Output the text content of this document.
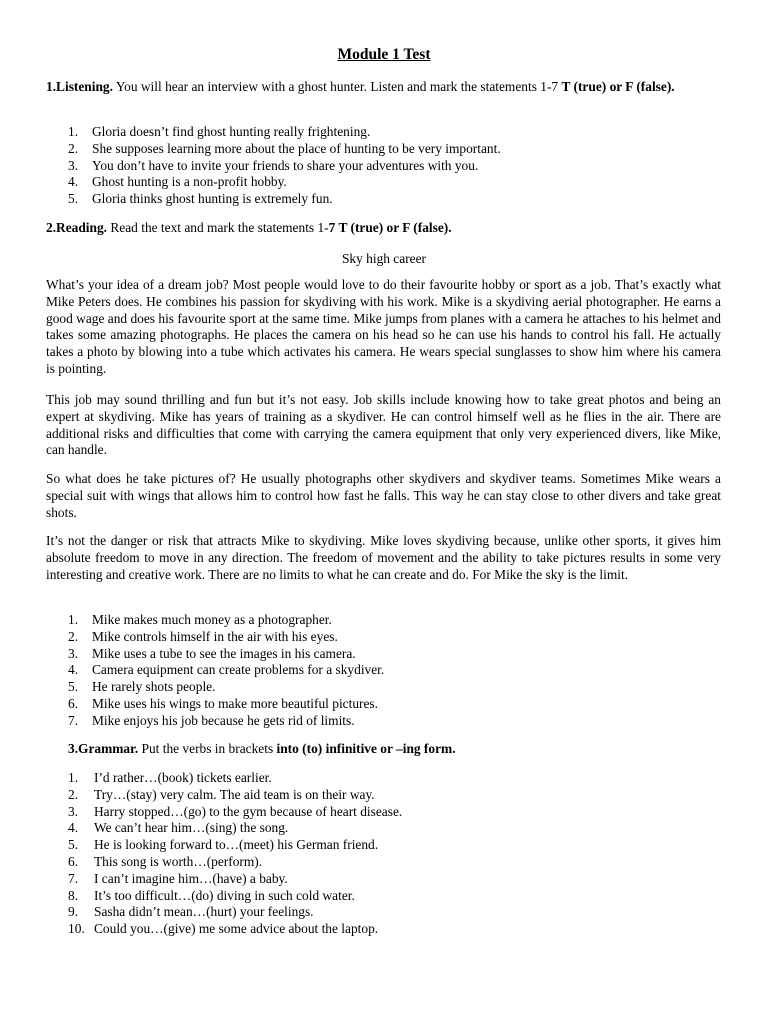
Module 1 Test
1.Listening. You will hear an interview with a ghost hunter. Listen and mark the statements 1-7 T (true) or F (false).
1.	Gloria doesn’t find ghost hunting really frightening.
2.	She supposes learning more about the place of hunting to be very important.
3.	You don’t have to invite your friends to share your adventures with you.
4.	Ghost hunting is a non-profit hobby.
5.	Gloria thinks ghost hunting is extremely fun.
2.Reading. Read the text and mark the statements 1-7 T (true) or F (false).
Sky high career
What’s your idea of a dream job? Most people would love to do their favourite hobby or sport as a job. That’s exactly what Mike Peters does. He combines his passion for skydiving with his work. Mike is a skydiving aerial photographer. He earns a good wage and does his favourite sport at the same time. Mike jumps from planes with a camera he attaches to his helmet and takes some amazing photographs. He places the camera on his head so he can use his hands to control his fall. He actually takes a photo by blowing into a tube which activates his camera. He wears special sunglasses to show him where his camera is pointing.
This job may sound thrilling and fun but it’s not easy. Job skills include knowing how to take great photos and being an expert at skydiving. Mike has years of training as a skydiver. He can control himself well as he flies in the air. There are additional risks and difficulties that come with carrying the camera equipment that only very experienced divers, like Mike, can handle.
So what does he take pictures of? He usually photographs other skydivers and skydiver teams. Sometimes Mike wears a special suit with wings that allows him to control how fast he falls. This way he can stay close to other divers and take great shots.
It’s not the danger or risk that attracts Mike to skydiving. Mike loves skydiving because, unlike other sports, it gives him absolute freedom to move in any direction. The freedom of movement and the ability to take pictures results in some very interesting and creative work. There are no limits to what he can create and do. For Mike the sky is the limit.
1.	Mike makes much money as a photographer.
2.	Mike controls himself in the air with his eyes.
3.	Mike uses a tube to see the images in his camera.
4.	Camera equipment can create problems for a skydiver.
5.	He rarely shots people.
6.	Mike uses his wings to make more beautiful pictures.
7.	Mike enjoys his job because he gets rid of limits.
3.Grammar. Put the verbs in brackets into (to) infinitive or –ing form.
1.	I’d rather…(book) tickets earlier.
2.	Try…(stay) very calm. The aid team is on their way.
3.	Harry stopped…(go) to the gym because of heart disease.
4.	We can’t hear him…(sing) the song.
5.	He is looking forward to…(meet) his German friend.
6.	This song is worth…(perform).
7.	I can’t imagine him…(have) a baby.
8.	It’s too difficult…(do) diving in such cold water.
9.	Sasha didn’t mean…(hurt) your feelings.
10. Could you…(give) me some advice about the laptop.
